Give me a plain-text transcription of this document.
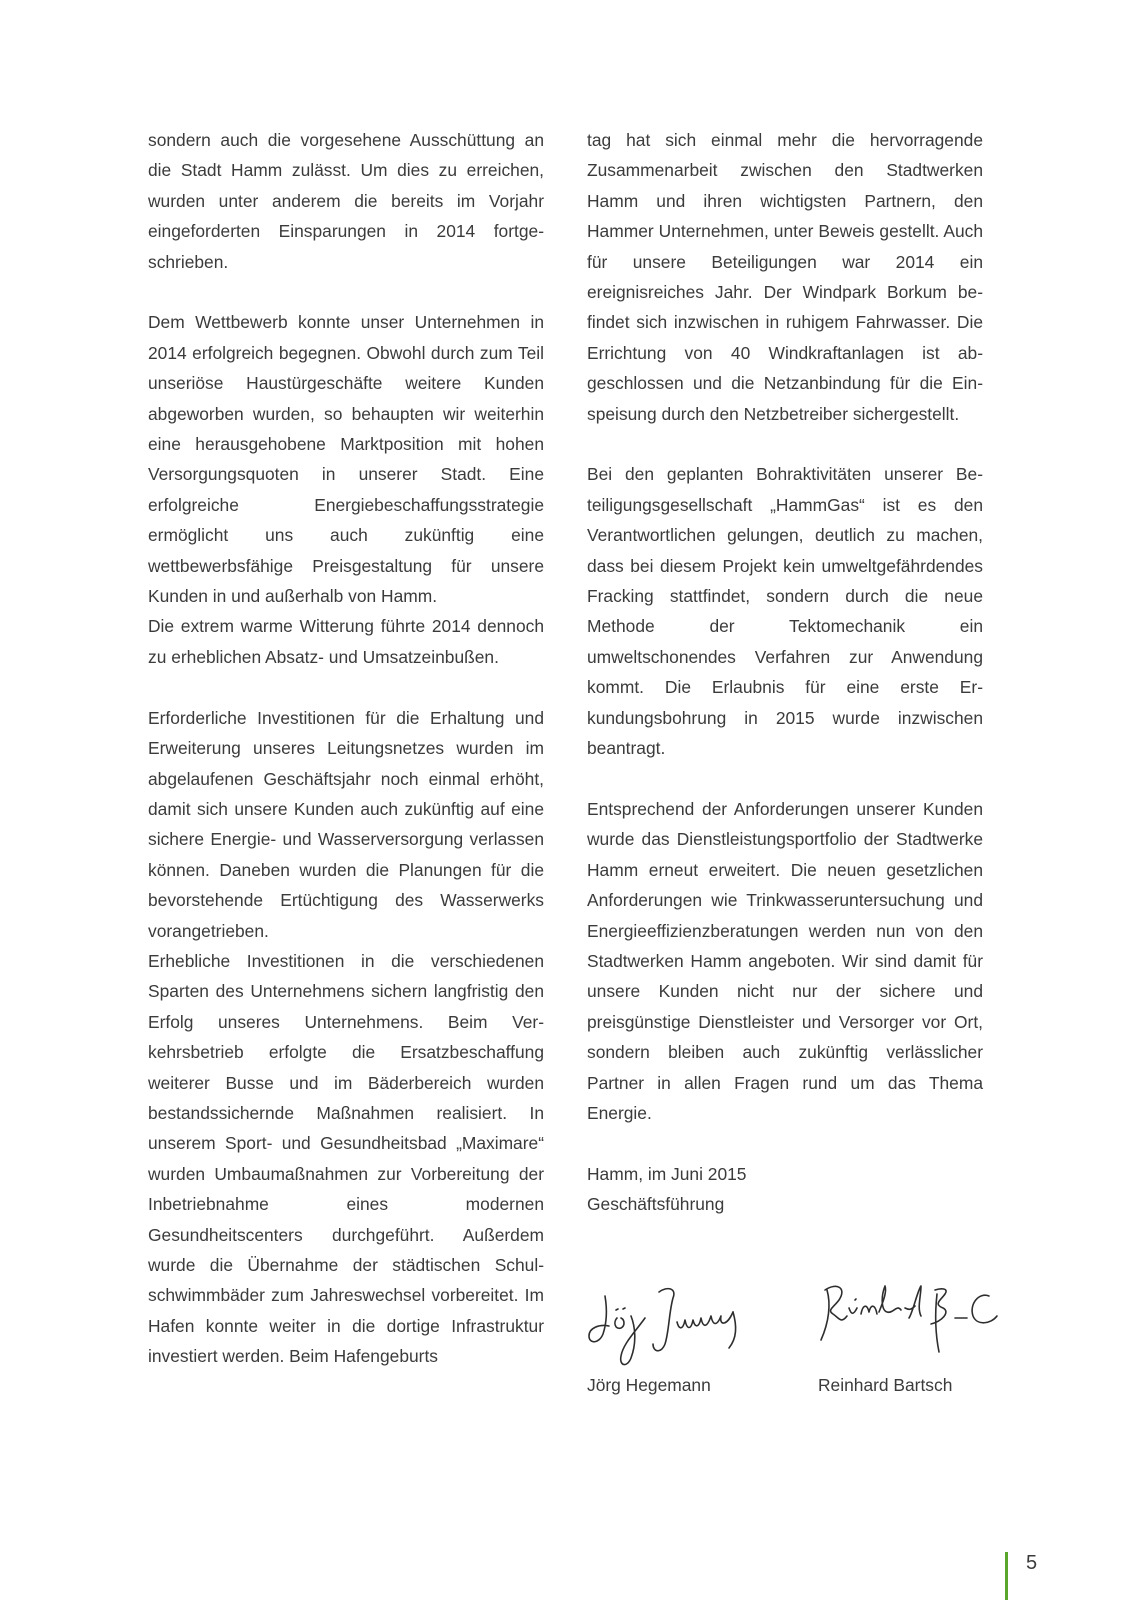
sondern auch die vorgesehene Ausschüttung an die Stadt Hamm zulässt. Um dies zu erreichen, wurden unter anderem die bereits im Vorjahr eingeforderten Einsparungen in 2014 fortgeschrieben.

Dem Wettbewerb konnte unser Unternehmen in 2014 erfolgreich begegnen. Obwohl durch zum Teil unseriöse Haustürgeschäfte weitere Kunden abgeworben wurden, so behaupten wir weiterhin eine herausgehobene Marktposition mit hohen Versorgungsquoten in unserer Stadt. Eine erfolgreiche Energiebeschaffungsstrategie ermöglicht uns auch zukünftig eine wettbewerbsfähige Preisgestaltung für unsere Kunden in und außerhalb von Hamm.

Die extrem warme Witterung führte 2014 dennoch zu erheblichen Absatz- und Umsatzeinbußen.

Erforderliche Investitionen für die Erhaltung und Erweiterung unseres Leitungsnetzes wurden im abgelaufenen Geschäftsjahr noch einmal erhöht, damit sich unsere Kunden auch zukünftig auf eine sichere Energie- und Wasserversorgung verlassen können. Daneben wurden die Planungen für die bevorstehende Ertüchtigung des Wasserwerks vorangetrieben.

Erhebliche Investitionen in die verschiedenen Sparten des Unternehmens sichern langfristig den Erfolg unseres Unternehmens. Beim Verkehrsbetrieb erfolgte die Ersatzbeschaffung weiterer Busse und im Bäderbereich wurden bestandssichernde Maßnahmen realisiert. In unserem Sport- und Gesundheitsbad „Maximare“ wurden Umbaumaßnahmen zur Vorbereitung der Inbetriebnahme eines modernen Gesundheitscenters durchgeführt. Außerdem wurde die Übernahme der städtischen Schulschwimmbäder zum Jahreswechsel vorbereitet. Im Hafen konnte weiter in die dortige Infrastruktur investiert werden. Beim Hafengeburts

tag hat sich einmal mehr die hervorragende Zusammenarbeit zwischen den Stadtwerken Hamm und ihren wichtigsten Partnern, den Hammer Unternehmen, unter Beweis gestellt. Auch für unsere Beteiligungen war 2014 ein ereignisreiches Jahr. Der Windpark Borkum befindet sich inzwischen in ruhigem Fahrwasser. Die Errichtung von 40 Windkraftanlagen ist abgeschlossen und die Netzanbindung für die Einspeisung durch den Netzbetreiber sichergestellt.

Bei den geplanten Bohraktivitäten unserer Beteiligungsgesellschaft „HammGas“ ist es den Verantwortlichen gelungen, deutlich zu machen, dass bei diesem Projekt kein umweltgefährdendes Fracking stattfindet, sondern durch die neue Methode der Tektomechanik ein umweltschonendes Verfahren zur Anwendung kommt. Die Erlaubnis für eine erste Erkundungsbohrung in 2015 wurde inzwischen beantragt.

Entsprechend der Anforderungen unserer Kunden wurde das Dienstleistungsportfolio der Stadtwerke Hamm erneut erweitert. Die neuen gesetzlichen Anforderungen wie Trinkwasseruntersuchung und Energieeffizienzberatungen werden nun von den Stadtwerken Hamm angeboten. Wir sind damit für unsere Kunden nicht nur der sichere und preisgünstige Dienstleister und Versorger vor Ort, sondern bleiben auch zukünftig verlässlicher Partner in allen Fragen rund um das Thema Energie.

Hamm, im Juni 2015
Geschäftsführung
Jörg Hegemann	Reinhard Bartsch
5
